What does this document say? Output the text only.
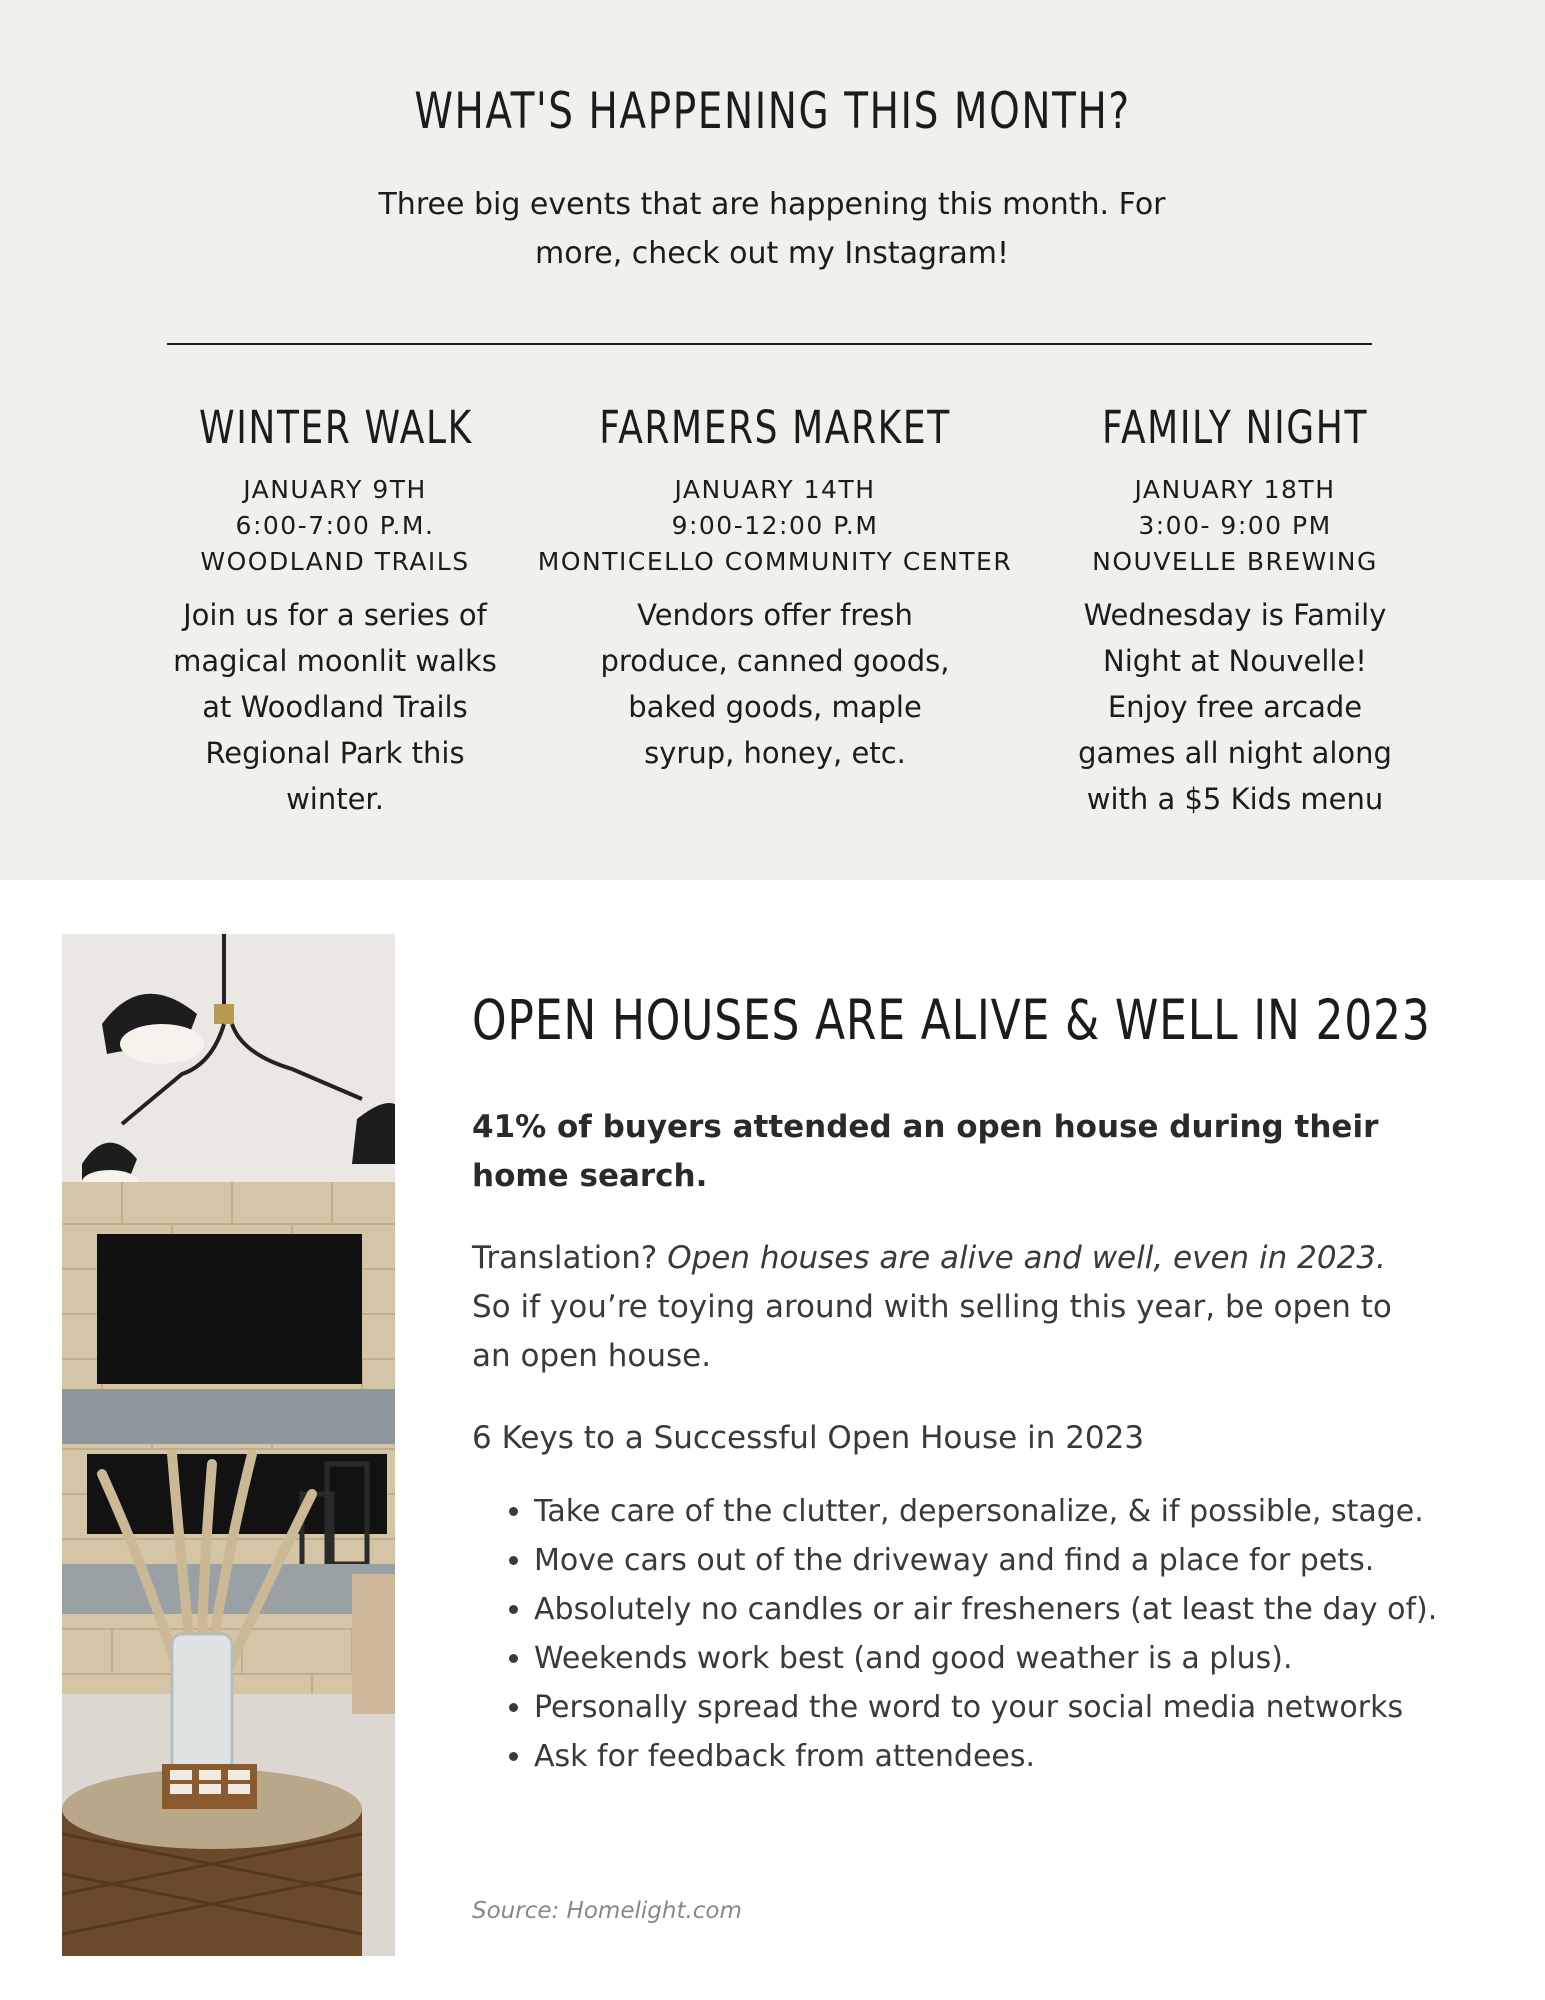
WHAT'S HAPPENING THIS MONTH?

Three big events that are happening this month. For
more, check out my Instagram!

WINTER WALK
JANUARY 9TH
6:00-7:00 P.M.
WOODLAND TRAILS
Join us for a series of
magical moonlit walks
at Woodland Trails
Regional Park this
winter.
FARMERS MARKET
JANUARY 14TH
9:00-12:00 P.M
MONTICELLO COMMUNITY CENTER
Vendors offer fresh
produce, canned goods,
baked goods, maple
syrup, honey, etc.
FAMILY NIGHT
JANUARY 18TH
3:00- 9:00 PM
NOUVELLE BREWING
Wednesday is Family
Night at Nouvelle!
Enjoy free arcade
games all night along
with a $5 Kids menu
OPEN HOUSES ARE ALIVE & WELL IN 2023

41% of buyers attended an open house during their home search.

Translation? Open houses are alive and well, even in 2023. So if you’re toying around with selling this year, be open to an open house.

6 Keys to a Successful Open House in 2023

• Take care of the clutter, depersonalize, & if possible, stage.
• Move cars out of the driveway and find a place for pets.
• Absolutely no candles or air fresheners (at least the day of).
• Weekends work best (and good weather is a plus).
• Personally spread the word to your social media networks
• Ask for feedback from attendees.
Source: Homelight.com
